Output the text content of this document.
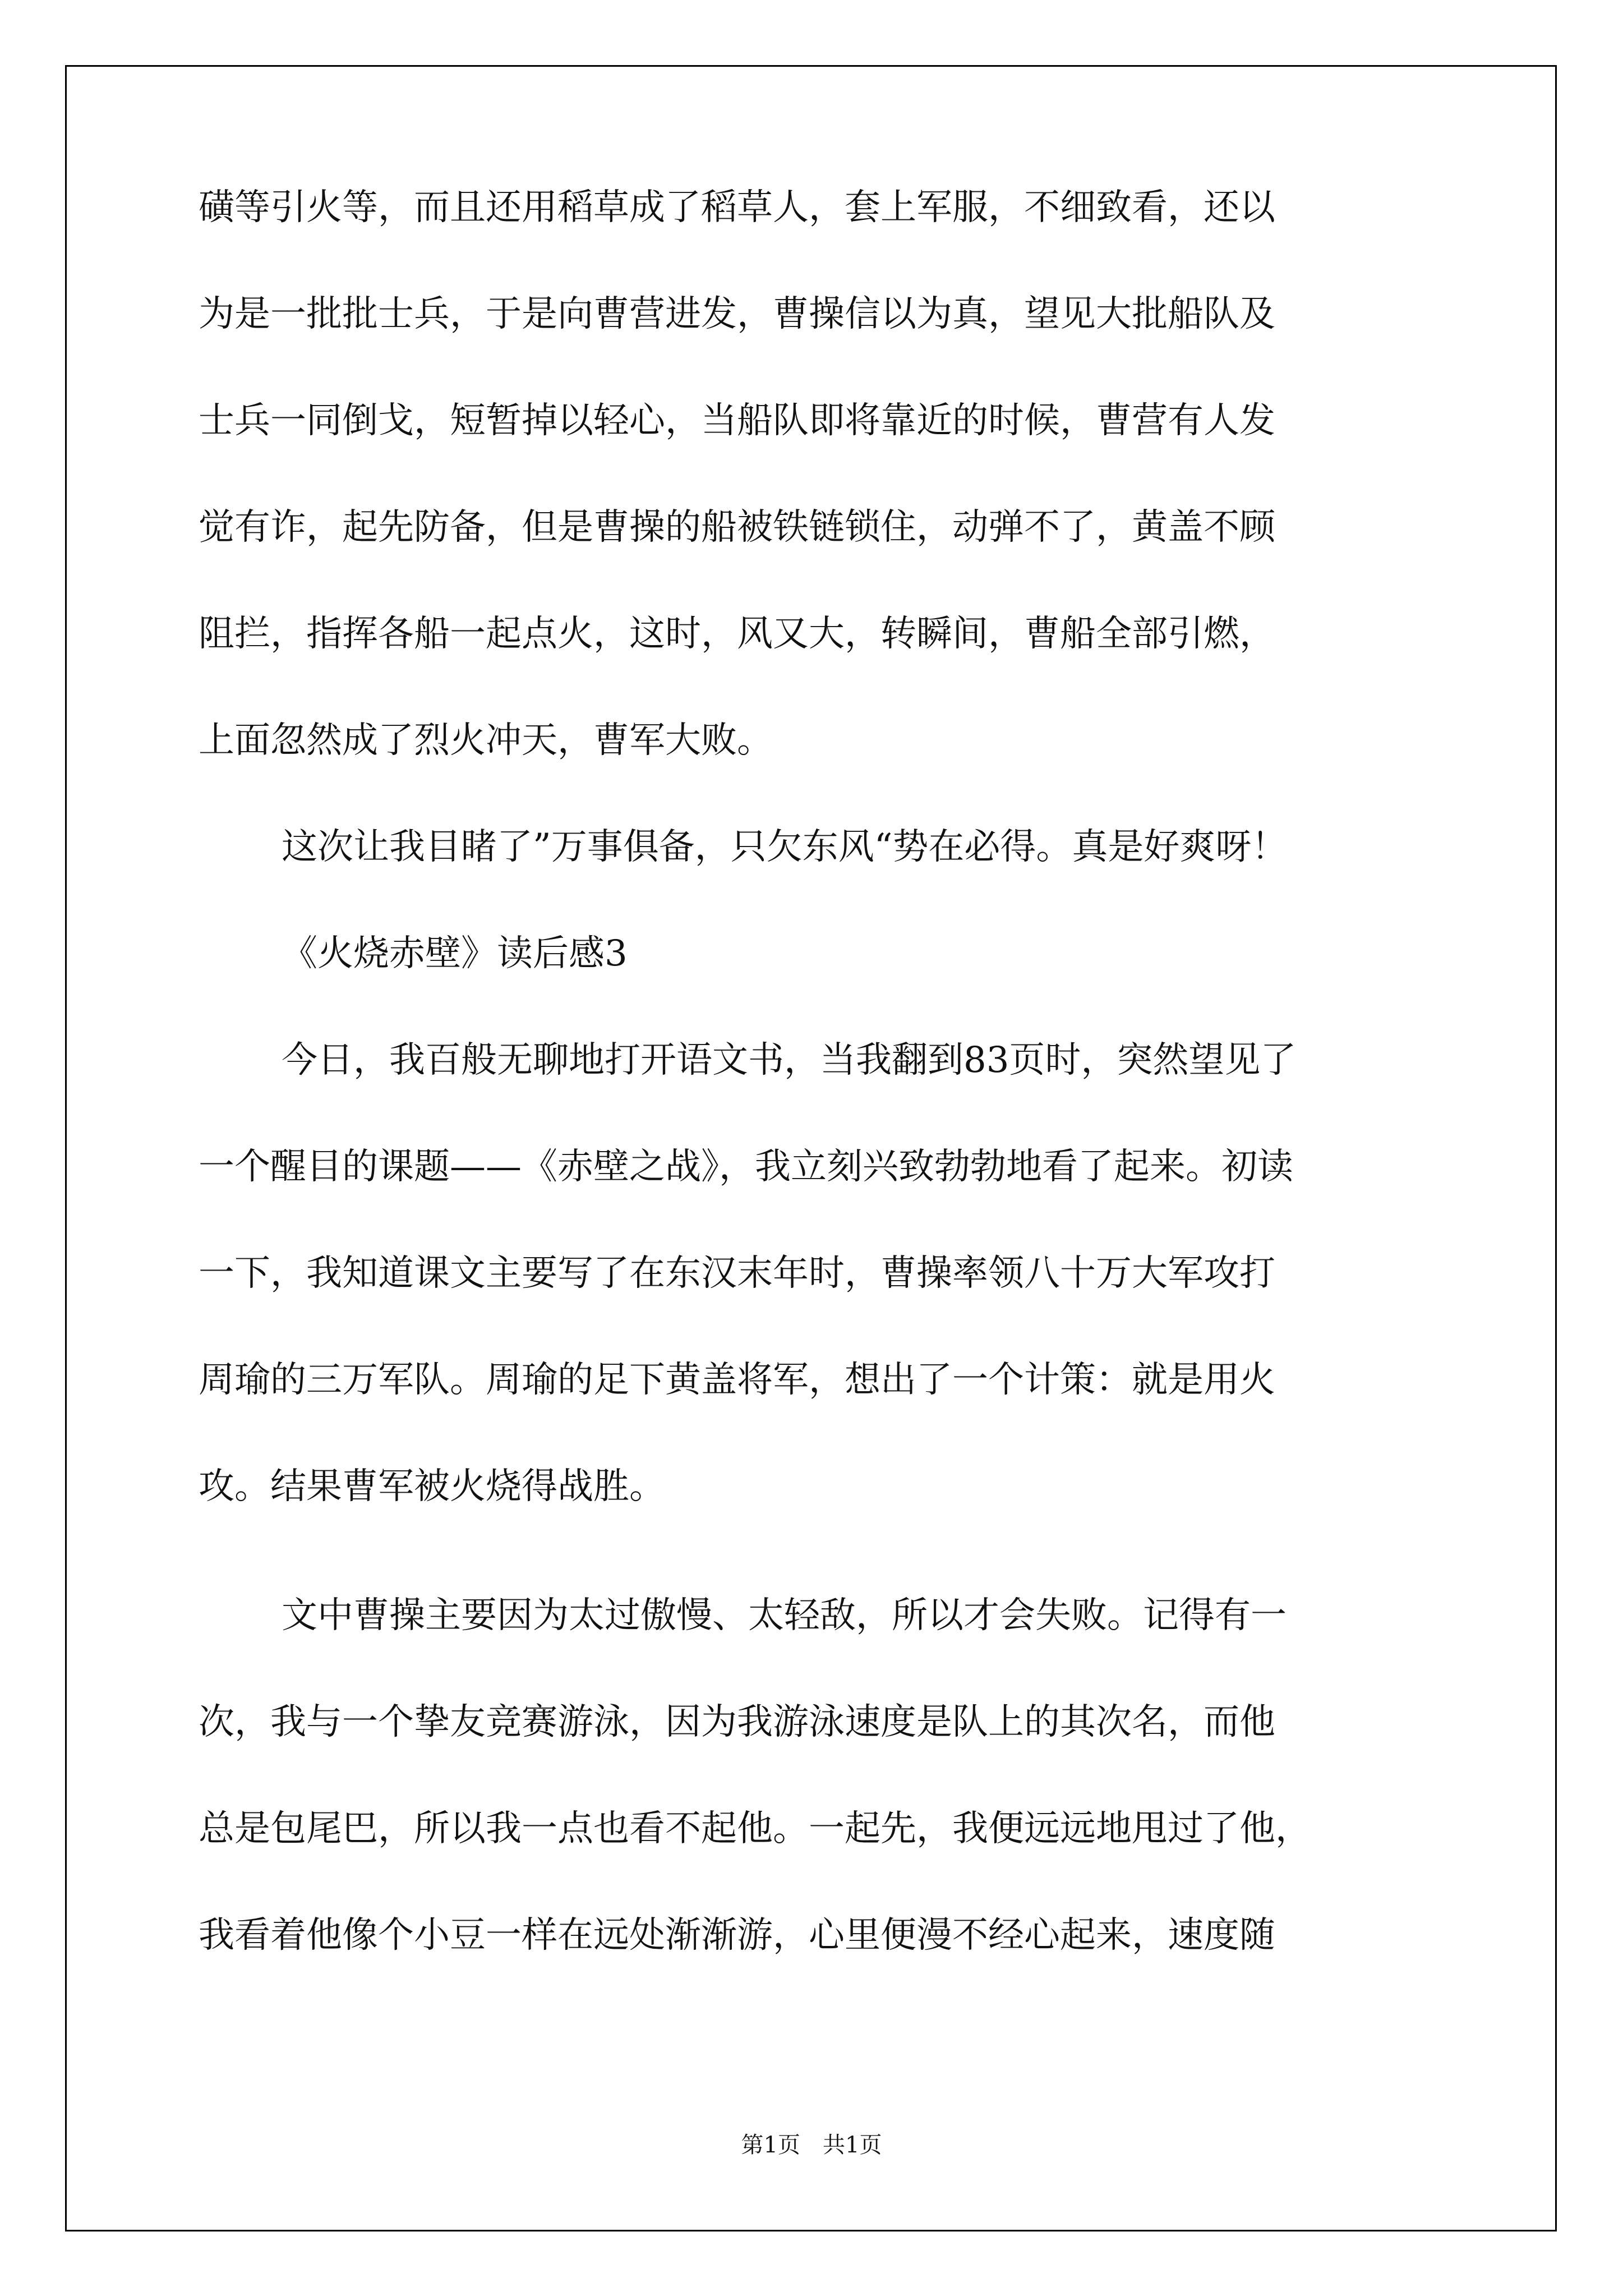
磺等引火等，而且还用稻草成了稻草人，套上军服，不细致看，还以
为是一批批士兵，于是向曹营进发，曹操信以为真，望见大批船队及
士兵一同倒戈，短暂掉以轻心，当船队即将靠近的时候，曹营有人发
觉有诈，起先防备，但是曹操的船被铁链锁住，动弹不了，黄盖不顾
阻拦，指挥各船一起点火，这时，风又大，转瞬间，曹船全部引燃，
上面忽然成了烈火冲天，曹军大败。
这次让我目睹了”万事俱备，只欠东风“势在必得。真是好爽呀！
《火烧赤壁》读后感3
今日，我百般无聊地打开语文书，当我翻到83页时，突然望见了
一个醒目的课题——《赤壁之战》，我立刻兴致勃勃地看了起来。初读
一下，我知道课文主要写了在东汉末年时，曹操率领八十万大军攻打
周瑜的三万军队。周瑜的足下黄盖将军，想出了一个计策：就是用火
攻。结果曹军被火烧得战胜。
文中曹操主要因为太过傲慢、太轻敌，所以才会失败。记得有一
次，我与一个挚友竞赛游泳，因为我游泳速度是队上的其次名，而他
总是包尾巴，所以我一点也看不起他。一起先，我便远远地甩过了他，
我看着他像个小豆一样在远处渐渐游，心里便漫不经心起来，速度随
第1页　共1页
